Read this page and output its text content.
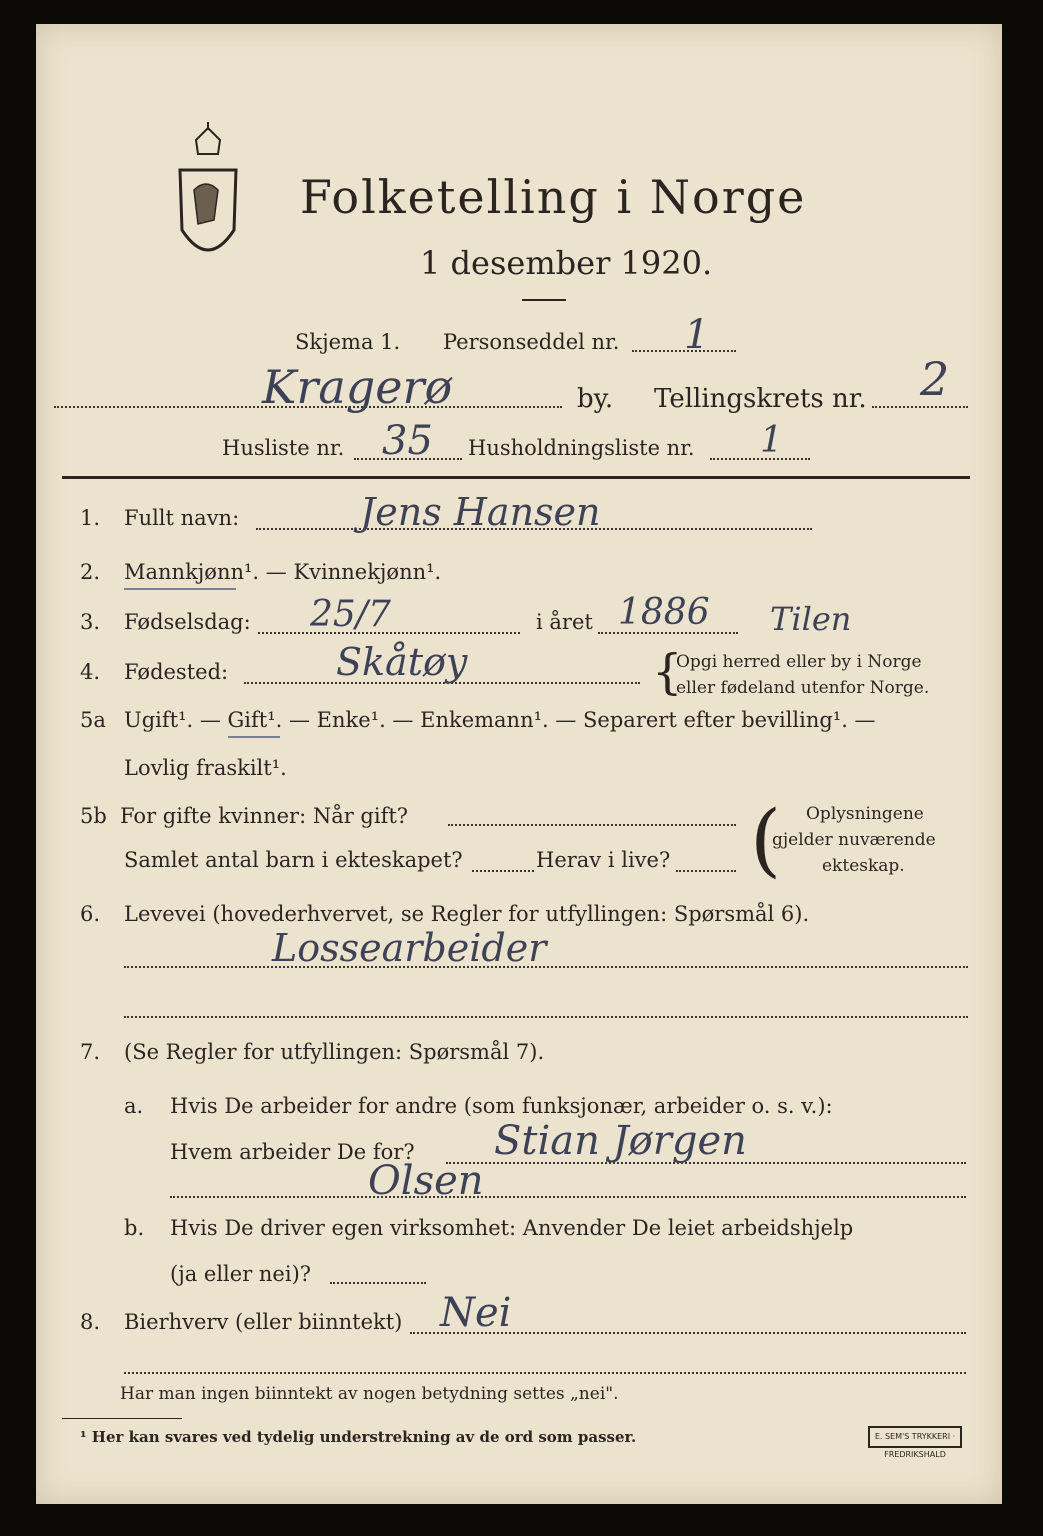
Folketelling i Norge
1 desember 1920.
Skjema 1. Personseddel nr. 1
Kragerø	by. Tellingskrets nr. 2
Husliste nr. 35 Husholdningsliste nr. 1
1. Fullt navn:	Jens Hansen
2. Mannkjønn¹. — Kvinnekjønn¹.
3. Fødselsdag: 25/7	i året 1886 Tilen
4. Fødested:	Skåtøy	{
Opgi herred eller by i Norge
eller fødeland utenfor Norge.
5a Ugift¹. — Gift¹. — Enke¹. — Enkemann¹. — Separert efter bevilling¹. —
Lovlig fraskilt¹.
5b For gifte kvinner: Når gift?
Samlet antal barn i ekteskapet?	Herav i live? ( Oplysningene
gjelder nuværende
ekteskap.
6. Levevei (hovederhvervet, se Regler for utfyllingen: Spørsmål 6).
Lossearbeider
7. (Se Regler for utfyllingen: Spørsmål 7).
a. Hvis De arbeider for andre (som funksjonær, arbeider o. s. v.):
Hvem arbeider De for? Stian Jørgen
Olsen
b. Hvis De driver egen virksomhet: Anvender De leiet arbeidshjelp
(ja eller nei)?
8. Bierhverv (eller biinntekt) Nei
Har man ingen biinntekt av nogen betydning settes „nei".
¹ Her kan svares ved tydelig understrekning av de ord som passer.	E. SEM'S TRYKKERI · FREDRIKSHALD
